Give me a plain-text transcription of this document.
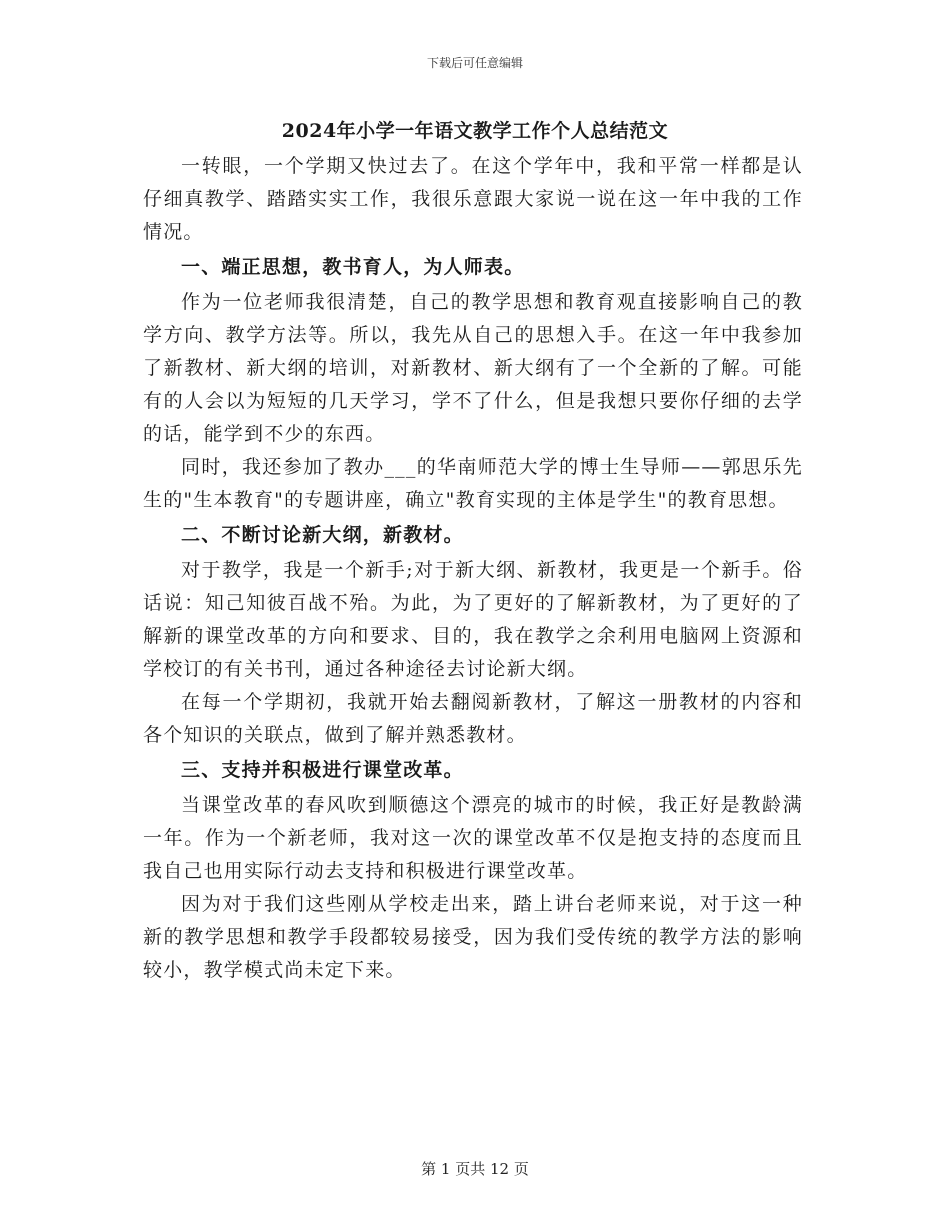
下载后可任意编辑
2024年小学一年语文教学工作个人总结范文

一转眼，一个学期又快过去了。在这个学年中，我和平常一样都是认仔细真教学、踏踏实实工作，我很乐意跟大家说一说在这一年中我的工作情况。

一、端正思想，教书育人，为人师表。

作为一位老师我很清楚，自己的教学思想和教育观直接影响自己的教学方向、教学方法等。所以，我先从自己的思想入手。在这一年中我参加了新教材、新大纲的培训，对新教材、新大纲有了一个全新的了解。可能有的人会以为短短的几天学习，学不了什么，但是我想只要你仔细的去学的话，能学到不少的东西。

同时，我还参加了教办___的华南师范大学的博士生导师——郭思乐先生的"生本教育"的专题讲座，确立"教育实现的主体是学生"的教育思想。

二、不断讨论新大纲，新教材。

对于教学，我是一个新手;对于新大纲、新教材，我更是一个新手。俗话说：知己知彼百战不殆。为此，为了更好的了解新教材，为了更好的了解新的课堂改革的方向和要求、目的，我在教学之余利用电脑网上资源和学校订的有关书刊，通过各种途径去讨论新大纲。

在每一个学期初，我就开始去翻阅新教材，了解这一册教材的内容和各个知识的关联点，做到了解并熟悉教材。

三、支持并积极进行课堂改革。

当课堂改革的春风吹到顺德这个漂亮的城市的时候，我正好是教龄满一年。作为一个新老师，我对这一次的课堂改革不仅是抱支持的态度而且我自己也用实际行动去支持和积极进行课堂改革。

因为对于我们这些刚从学校走出来，踏上讲台老师来说，对于这一种新的教学思想和教学手段都较易接受，因为我们受传统的教学方法的影响较小，教学模式尚未定下来。

第 1 页共 12 页
